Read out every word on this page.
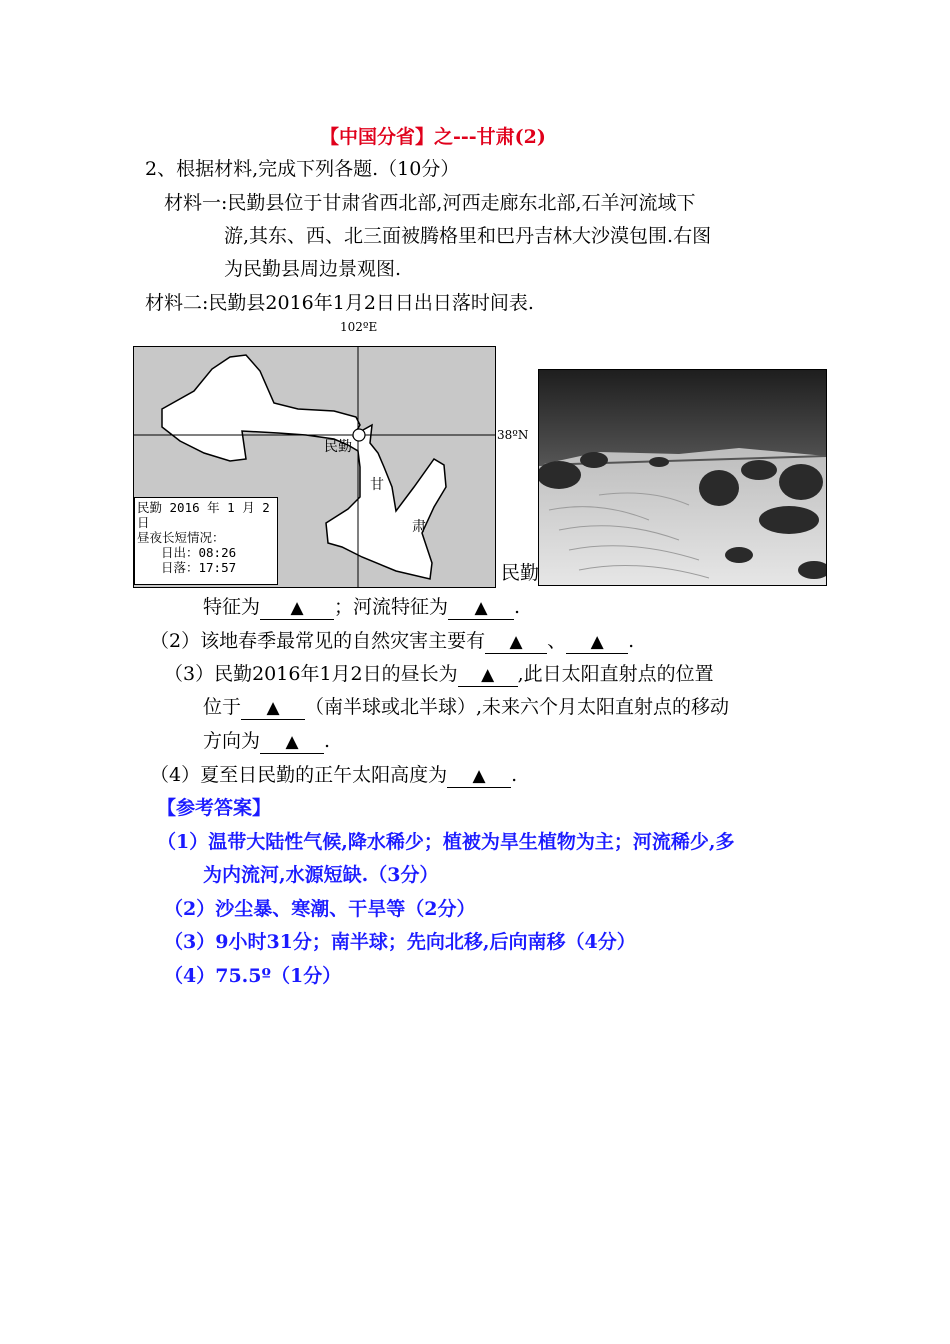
【中国分省】之---甘肃(2)
2、根据材料,完成下列各题.（10分）
材料一:民勤县位于甘肃省西北部,河西走廊东北部,石羊河流域下
游,其东、西、北三面被腾格里和巴丹吉林大沙漠包围.右图
为民勤县周边景观图.
材料二:民勤县2016年1月2日日出日落时间表.
102ºE
民勤
甘
肃
民勤 2016 年 1 月 2
日
昼夜长短情况：
日出：08:26
日落：17:57
38ºN
民勤
特征为 ▲ ；河流特征为 ▲ .
（2）该地春季最常见的自然灾害主要有 ▲ 、 ▲ .
（3）民勤2016年1月2日的昼长为 ▲ ,此日太阳直射点的位置
位于 ▲ （南半球或北半球）,未来六个月太阳直射点的移动
方向为 ▲ .
（4）夏至日民勤的正午太阳高度为 ▲ .
【参考答案】
（1）温带大陆性气候,降水稀少；植被为旱生植物为主；河流稀少,多
为内流河,水源短缺.（3分）
（2）沙尘暴、寒潮、干旱等（2分）
（3）9小时31分；南半球；先向北移,后向南移（4分）
（4）75.5º（1分）
